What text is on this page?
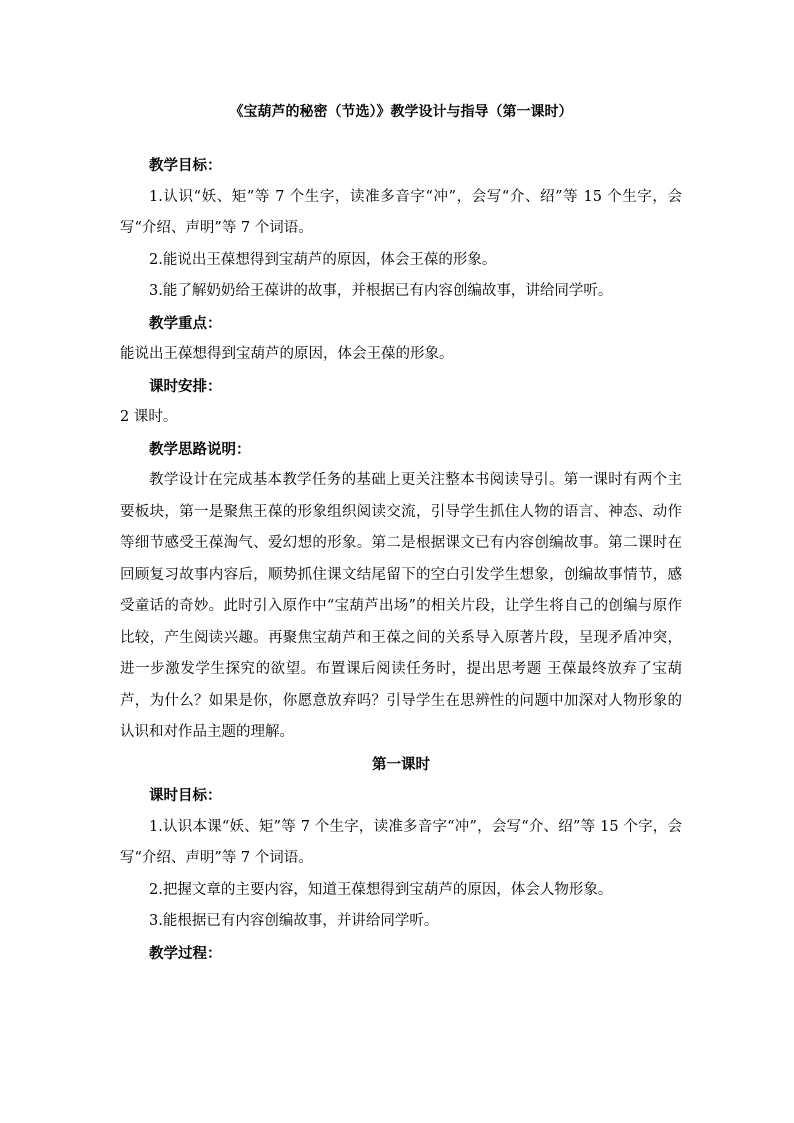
《宝葫芦的秘密（节选）》教学设计与指导（第一课时）

教学目标：

1.认识“妖、矩”等 7 个生字，读准多音字“冲”，会写“介、绍”等 15 个生字，会写“介绍、声明”等 7 个词语。

2.能说出王葆想得到宝葫芦的原因，体会王葆的形象。

3.能了解奶奶给王葆讲的故事，并根据已有内容创编故事，讲给同学听。

教学重点：

能说出王葆想得到宝葫芦的原因，体会王葆的形象。

课时安排：

2 课时。

教学思路说明：

教学设计在完成基本教学任务的基础上更关注整本书阅读导引。第一课时有两个主要板块，第一是聚焦王葆的形象组织阅读交流，引导学生抓住人物的语言、神态、动作等细节感受王葆淘气、爱幻想的形象。第二是根据课文已有内容创编故事。第二课时在回顾复习故事内容后，顺势抓住课文结尾留下的空白引发学生想象，创编故事情节，感受童话的奇妙。此时引入原作中“宝葫芦出场”的相关片段，让学生将自己的创编与原作比较，产生阅读兴趣。再聚焦宝葫芦和王葆之间的关系导入原著片段，呈现矛盾冲突，进一步激发学生探究的欲望。布置课后阅读任务时，提出思考题 王葆最终放弃了宝葫芦，为什么？如果是你，你愿意放弃吗？引导学生在思辨性的问题中加深对人物形象的认识和对作品主题的理解。

第一课时

课时目标：

1.认识本课“妖、矩”等 7 个生字，读准多音字“冲”，会写“介、绍”等 15 个字，会写“介绍、声明”等 7 个词语。

2.把握文章的主要内容，知道王葆想得到宝葫芦的原因，体会人物形象。

3.能根据已有内容创编故事，并讲给同学听。

教学过程：
